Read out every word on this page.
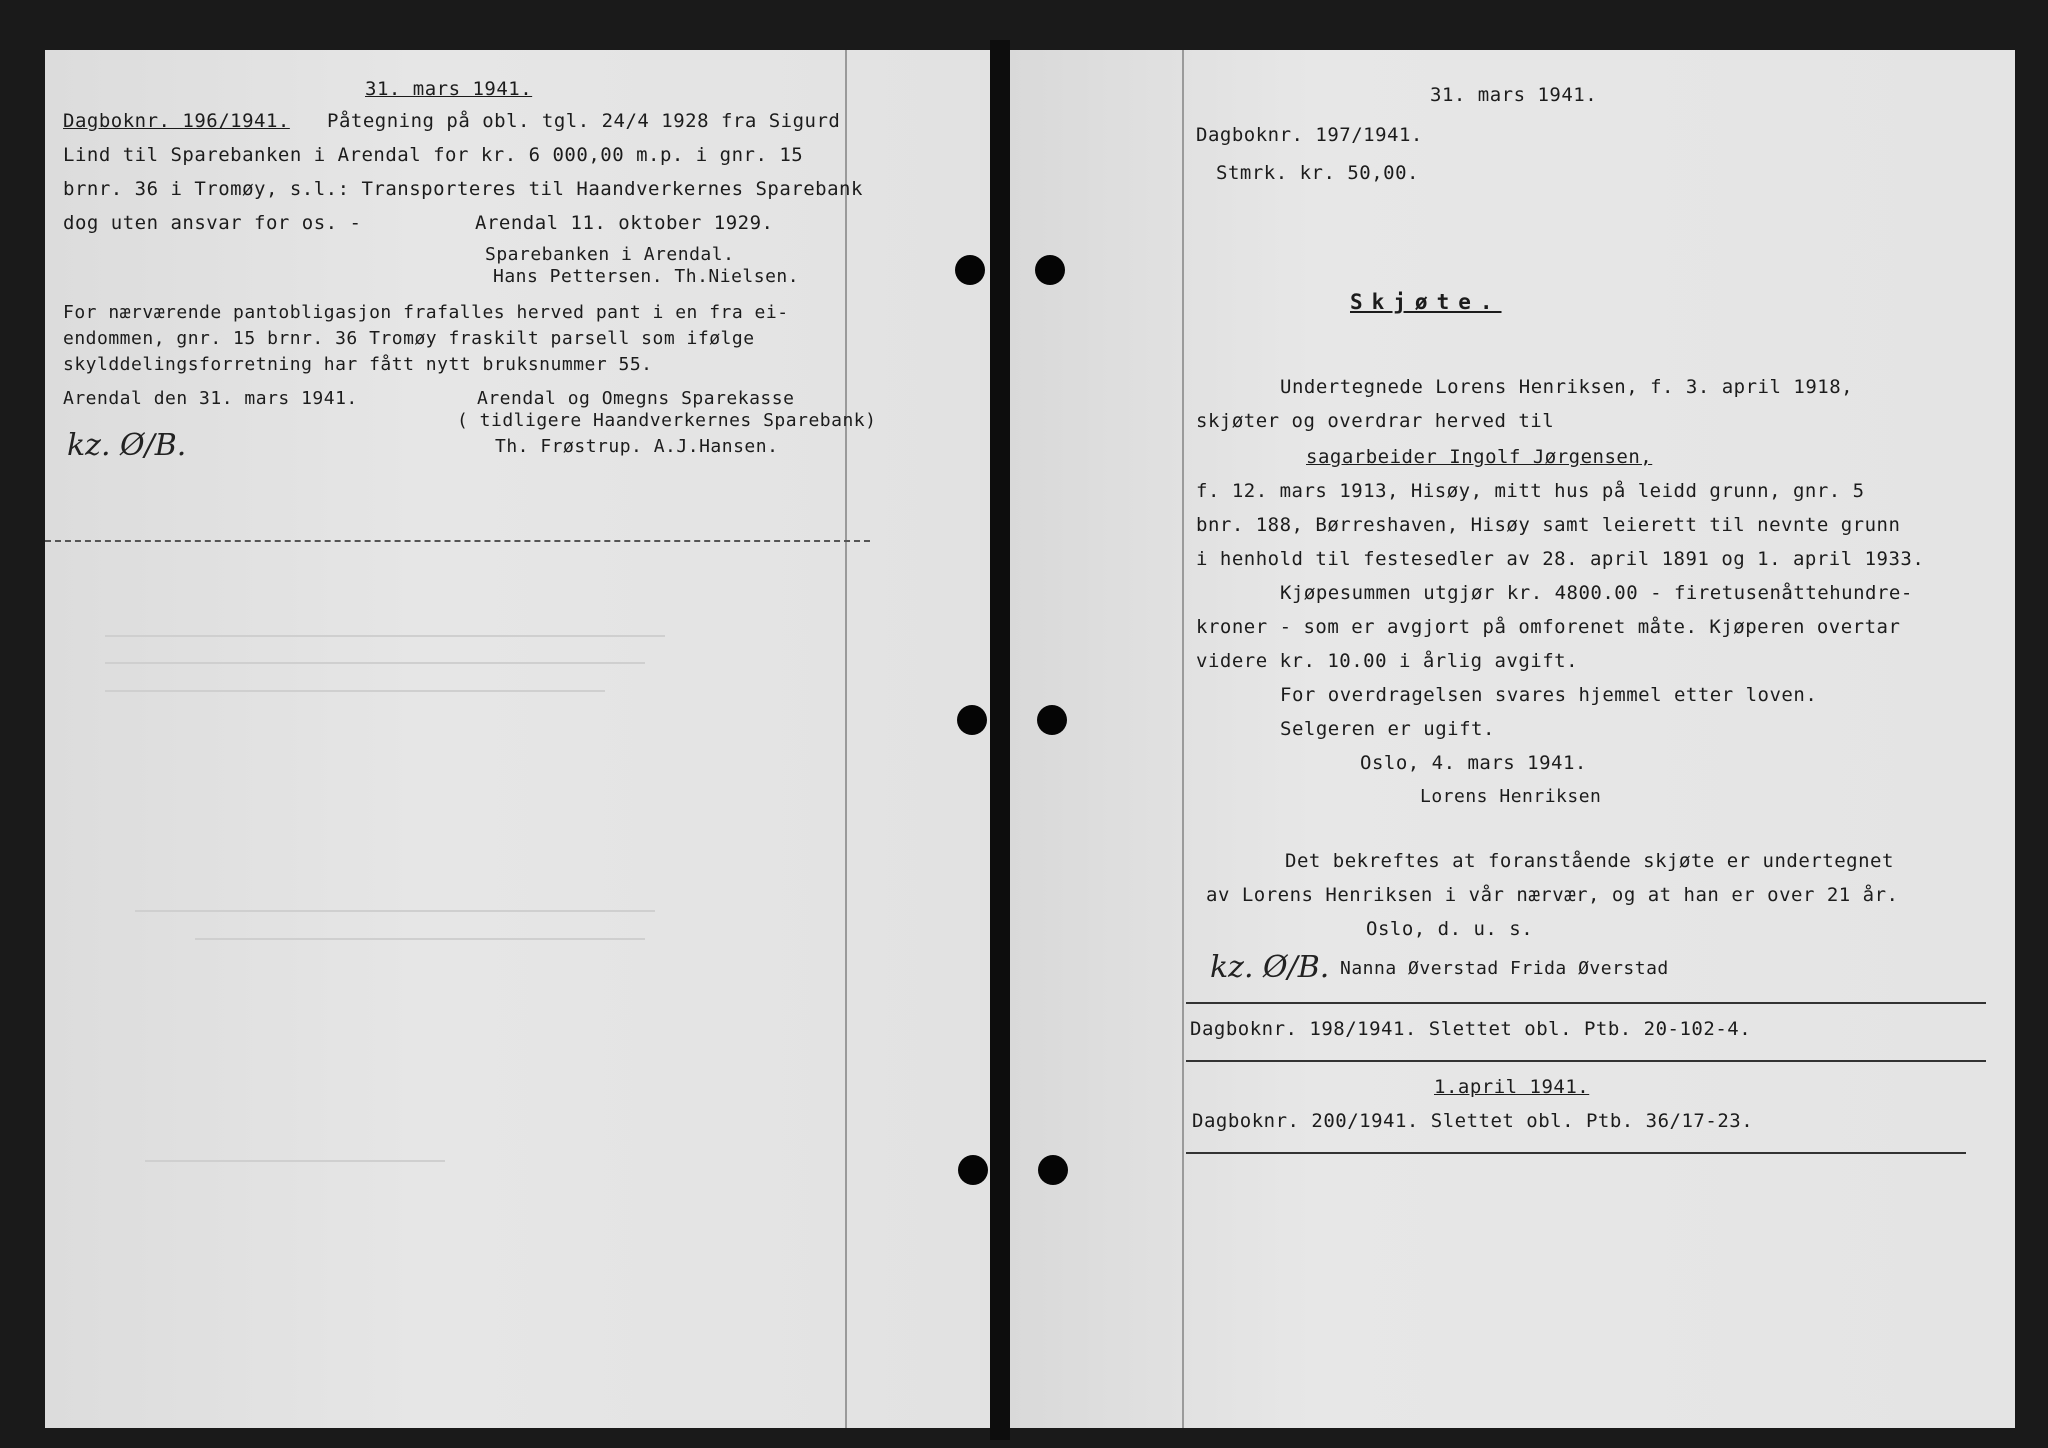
31. mars 1941.
Dagboknr. 196/1941. Påtegning på obl. tgl. 24/4 1928 fra Sigurd
Lind til Sparebanken i Arendal for kr. 6 000,00 m.p. i gnr. 15
brnr. 36 i Tromøy, s.l.: Transporteres til Haandverkernes Sparebank
dog uten ansvar for os. -	Arendal 11. oktober 1929.
Sparebanken i Arendal.
Hans Pettersen. Th.Nielsen.
For nærværende pantobligasjon frafalles herved pant i en fra ei-
endommen, gnr. 15 brnr. 36 Tromøy fraskilt parsell som ifølge
skylddelingsforretning har fått nytt bruksnummer 55.
Arendal den 31. mars 1941.	Arendal og Omegns Sparekasse
( tidligere Haandverkernes Sparebank)
Th. Frøstrup. A.J.Hansen.
kz. Ø/B.
31. mars 1941.
Dagboknr. 197/1941.
Stmrk. kr. 50,00.
Skjøte.
Undertegnede Lorens Henriksen, f. 3. april 1918,
skjøter og overdrar herved til
sagarbeider Ingolf Jørgensen,
f. 12. mars 1913, Hisøy, mitt hus på leidd grunn, gnr. 5
bnr. 188, Børreshaven, Hisøy samt leierett til nevnte grunn
i henhold til festesedler av 28. april 1891 og 1. april 1933.
Kjøpesummen utgjør kr. 4800.00 - firetusenåttehundre-
kroner - som er avgjort på omforenet måte. Kjøperen overtar
videre kr. 10.00 i årlig avgift.
For overdragelsen svares hjemmel etter loven.
Selgeren er ugift.
Oslo, 4. mars 1941.
Lorens Henriksen
Det bekreftes at foranstående skjøte er undertegnet
av Lorens Henriksen i vår nærvær, og at han er over 21 år.
Oslo, d. u. s.
Nanna Øverstad Frida Øverstad
kz. Ø/B.
Dagboknr. 198/1941. Slettet obl. Ptb. 20-102-4.
1.april 1941.
Dagboknr. 200/1941. Slettet obl. Ptb. 36/17-23.
